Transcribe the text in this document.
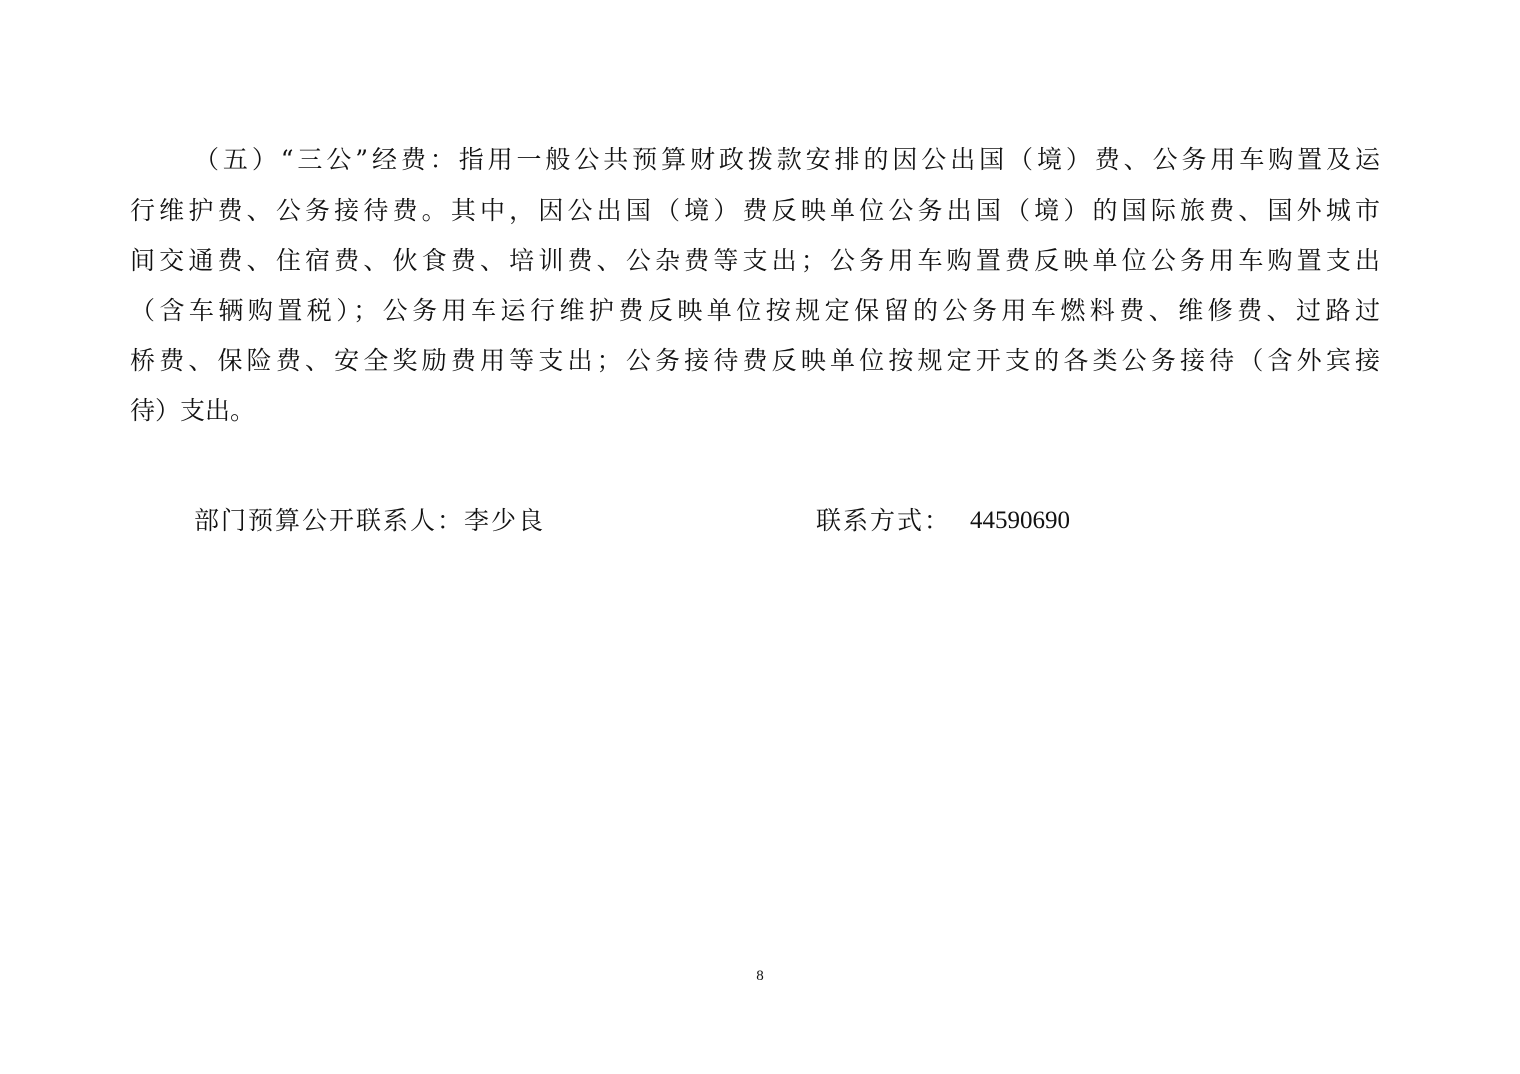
（五）“三公”经费：指用一般公共预算财政拨款安排的因公出国（境）费、公务用车购置及运
行维护费、公务接待费。其中，因公出国（境）费反映单位公务出国（境）的国际旅费、国外城市
间交通费、住宿费、伙食费、培训费、公杂费等支出；公务用车购置费反映单位公务用车购置支出
（含车辆购置税）；公务用车运行维护费反映单位按规定保留的公务用车燃料费、维修费、过路过
桥费、保险费、安全奖励费用等支出；公务接待费反映单位按规定开支的各类公务接待（含外宾接
待）支出。
部门预算公开联系人：李少良	联系方式： 44590690
8
